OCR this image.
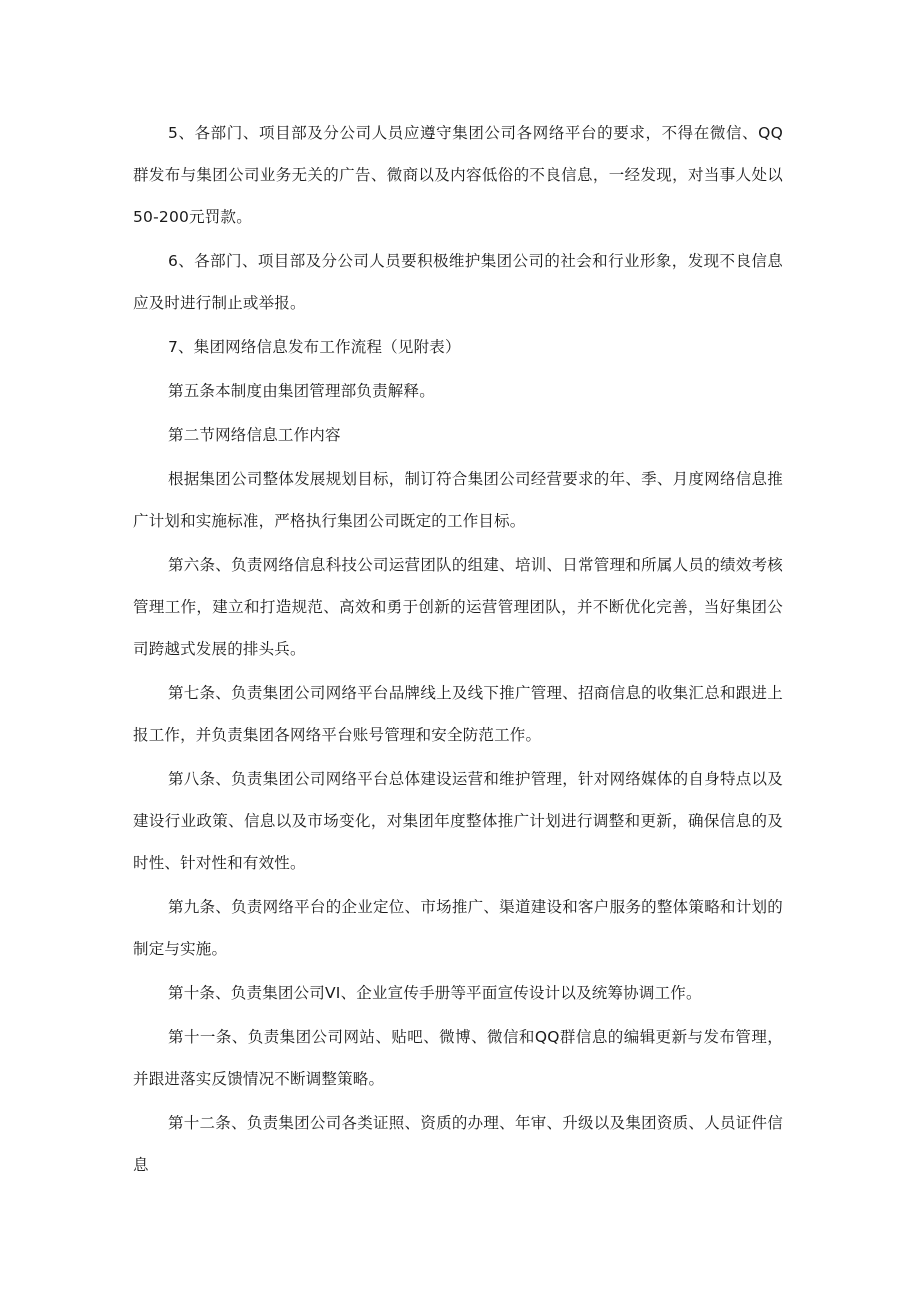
5、各部门、项目部及分公司人员应遵守集团公司各网络平台的要求，不得在微信、QQ群发布与集团公司业务无关的广告、微商以及内容低俗的不良信息，一经发现，对当事人处以50-200元罚款。

6、各部门、项目部及分公司人员要积极维护集团公司的社会和行业形象，发现不良信息应及时进行制止或举报。

7、集团网络信息发布工作流程（见附表）

第五条本制度由集团管理部负责解释。

第二节网络信息工作内容

根据集团公司整体发展规划目标，制订符合集团公司经营要求的年、季、月度网络信息推广计划和实施标准，严格执行集团公司既定的工作目标。

第六条、负责网络信息科技公司运营团队的组建、培训、日常管理和所属人员的绩效考核管理工作，建立和打造规范、高效和勇于创新的运营管理团队，并不断优化完善，当好集团公司跨越式发展的排头兵。

第七条、负责集团公司网络平台品牌线上及线下推广管理、招商信息的收集汇总和跟进上报工作，并负责集团各网络平台账号管理和安全防范工作。

第八条、负责集团公司网络平台总体建设运营和维护管理，针对网络媒体的自身特点以及建设行业政策、信息以及市场变化，对集团年度整体推广计划进行调整和更新，确保信息的及时性、针对性和有效性。

第九条、负责网络平台的企业定位、市场推广、渠道建设和客户服务的整体策略和计划的制定与实施。

第十条、负责集团公司VI、企业宣传手册等平面宣传设计以及统筹协调工作。

第十一条、负责集团公司网站、贴吧、微博、微信和QQ群信息的编辑更新与发布管理，并跟进落实反馈情况不断调整策略。

第十二条、负责集团公司各类证照、资质的办理、年审、升级以及集团资质、人员证件信息
